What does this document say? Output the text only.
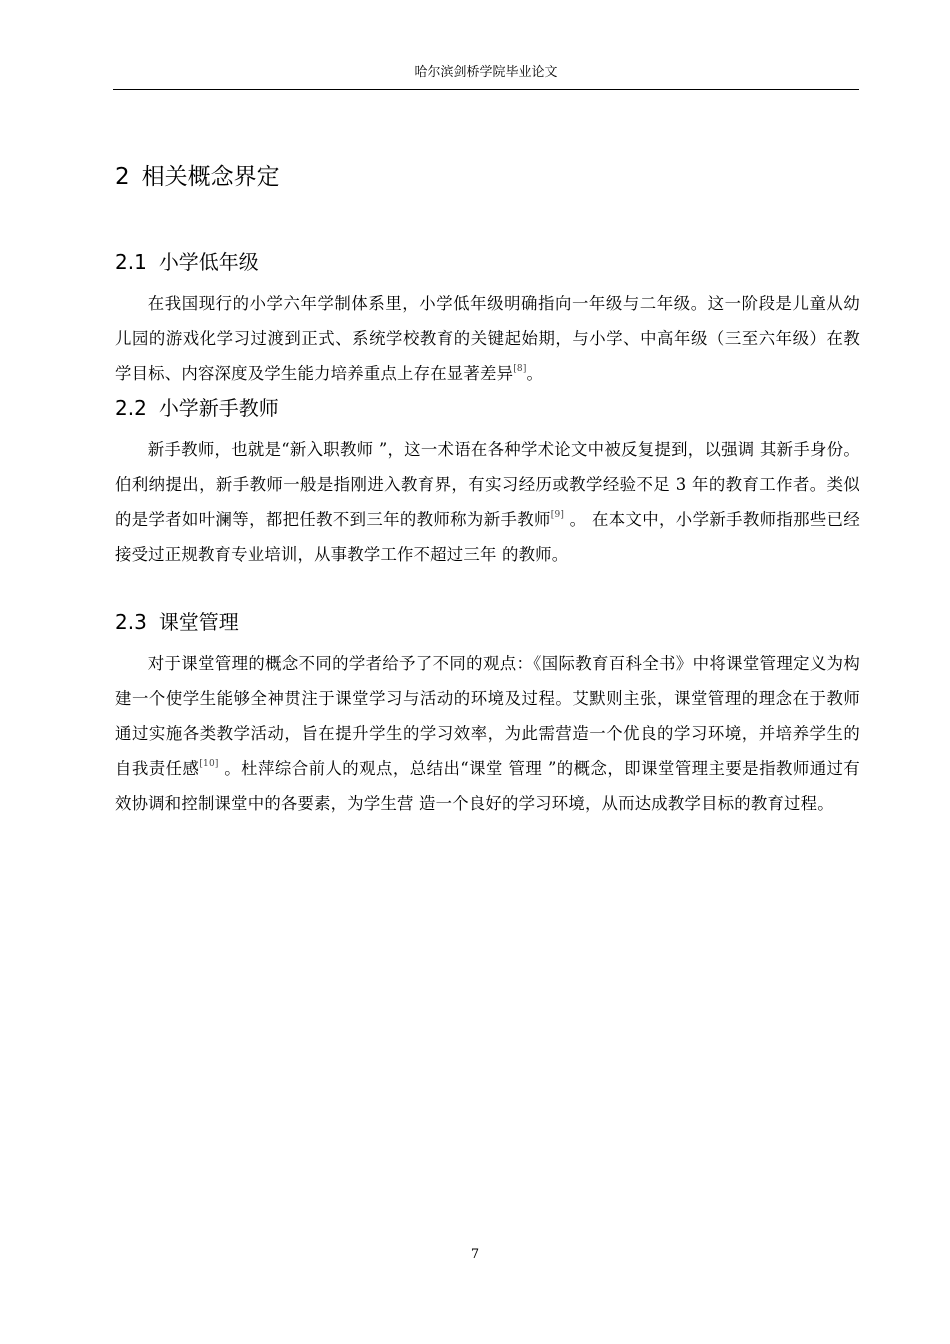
哈尔滨剑桥学院毕业论文
2 相关概念界定
2.1 小学低年级

在我国现行的小学六年学制体系里，小学低年级明确指向一年级与二年级。这一阶段是儿童从幼儿园的游戏化学习过渡到正式、系统学校教育的关键起始期，与小学、中高年级（三至六年级）在教学目标、内容深度及学生能力培养重点上存在显著差异[8]。

2.2 小学新手教师

新手教师，也就是“新入职教师 ”，这一术语在各种学术论文中被反复提到，以强调 其新手身份。伯利纳提出，新手教师一般是指刚进入教育界，有实习经历或教学经验不足 3 年的教育工作者。类似的是学者如叶澜等，都把任教不到三年的教师称为新手教师[9] 。 在本文中，小学新手教师指那些已经接受过正规教育专业培训，从事教学工作不超过三年 的教师。

2.3 课堂管理

对于课堂管理的概念不同的学者给予了不同的观点：《国际教育百科全书》中将课堂管理定义为构建一个使学生能够全神贯注于课堂学习与活动的环境及过程。艾默则主张，课堂管理的理念在于教师通过实施各类教学活动，旨在提升学生的学习效率，为此需营造一个优良的学习环境，并培养学生的自我责任感[10] 。杜萍综合前人的观点，总结出“课堂 管理 ”的概念，即课堂管理主要是指教师通过有效协调和控制课堂中的各要素，为学生营 造一个良好的学习环境，从而达成教学目标的教育过程。

7
